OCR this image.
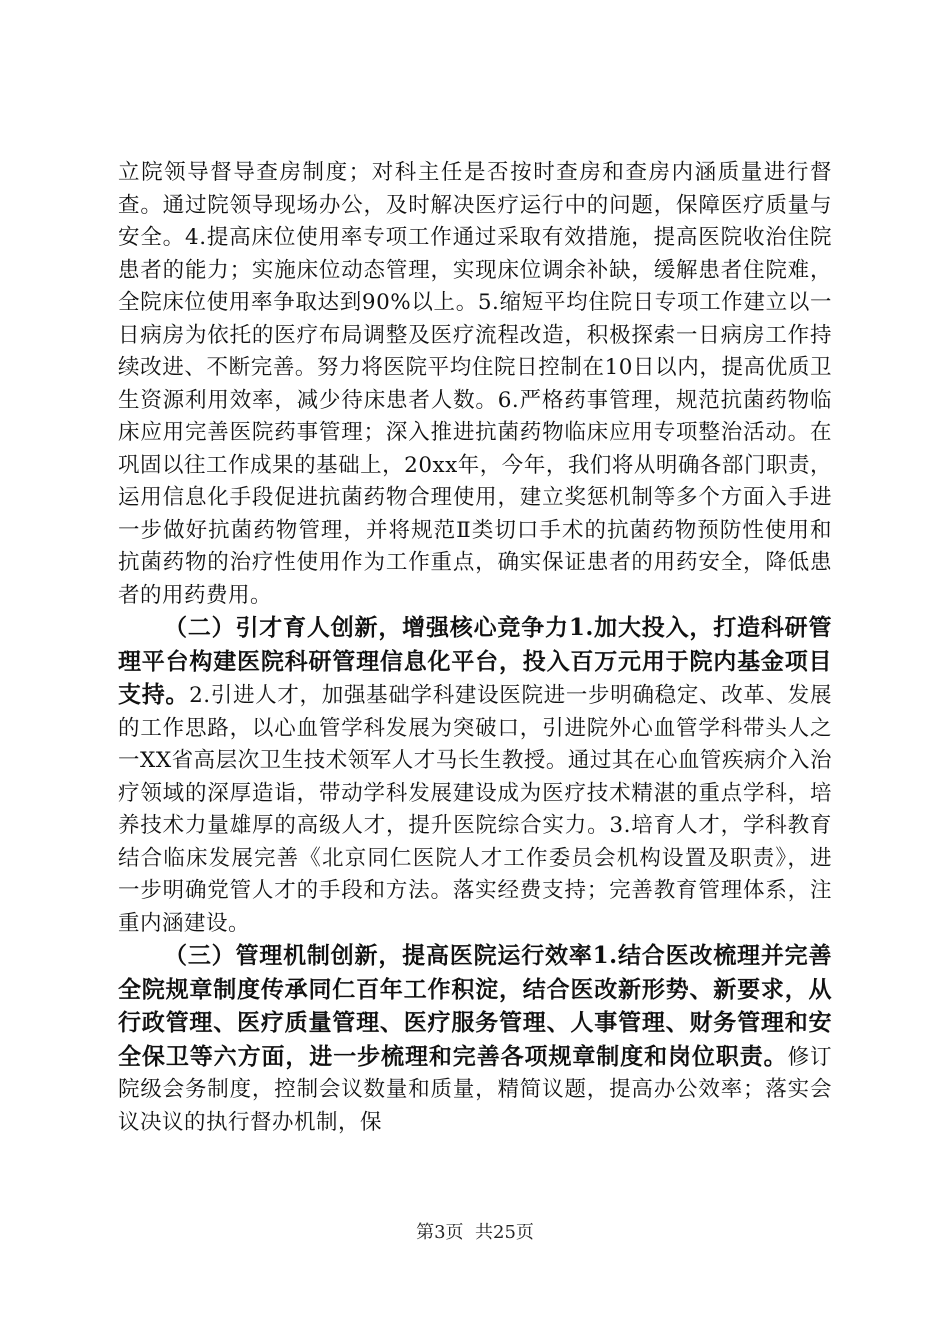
立院领导督导查房制度；对科主任是否按时查房和查房内涵质量进行督查。通过院领导现场办公，及时解决医疗运行中的问题，保障医疗质量与安全。4.提高床位使用率专项工作通过采取有效措施，提高医院收治住院患者的能力；实施床位动态管理，实现床位调余补缺，缓解患者住院难，全院床位使用率争取达到90%以上。5.缩短平均住院日专项工作建立以一日病房为依托的医疗布局调整及医疗流程改造，积极探索一日病房工作持续改进、不断完善。努力将医院平均住院日控制在10日以内，提高优质卫生资源利用效率，减少待床患者人数。6.严格药事管理，规范抗菌药物临床应用完善医院药事管理；深入推进抗菌药物临床应用专项整治活动。在巩固以往工作成果的基础上，20xx年，今年，我们将从明确各部门职责，运用信息化手段促进抗菌药物合理使用，建立奖惩机制等多个方面入手进一步做好抗菌药物管理，并将规范Ⅱ类切口手术的抗菌药物预防性使用和抗菌药物的治疗性使用作为工作重点，确实保证患者的用药安全，降低患者的用药费用。

（二）引才育人创新，增强核心竞争力1.加大投入，打造科研管理平台构建医院科研管理信息化平台，投入百万元用于院内基金项目支持。2.引进人才，加强基础学科建设医院进一步明确稳定、改革、发展的工作思路，以心血管学科发展为突破口，引进院外心血管学科带头人之一XX省高层次卫生技术领军人才马长生教授。通过其在心血管疾病介入治疗领域的深厚造诣，带动学科发展建设成为医疗技术精湛的重点学科，培养技术力量雄厚的高级人才，提升医院综合实力。3.培育人才，学科教育结合临床发展完善《北京同仁医院人才工作委员会机构设置及职责》，进一步明确党管人才的手段和方法。落实经费支持；完善教育管理体系，注重内涵建设。

（三）管理机制创新，提高医院运行效率1.结合医改梳理并完善全院规章制度传承同仁百年工作积淀，结合医改新形势、新要求，从行政管理、医疗质量管理、医疗服务管理、人事管理、财务管理和安全保卫等六方面，进一步梳理和完善各项规章制度和岗位职责。修订院级会务制度，控制会议数量和质量，精简议题，提高办公效率；落实会议决议的执行督办机制，保

第3页 共25页
